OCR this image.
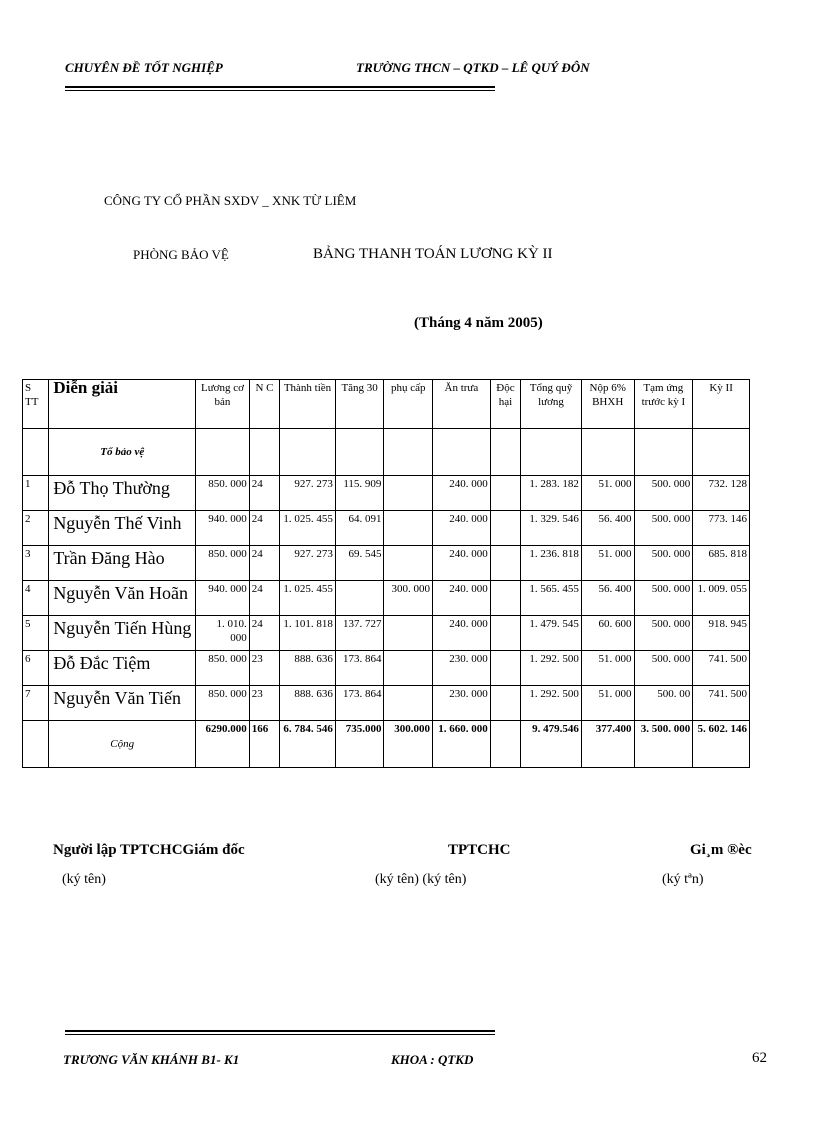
CHUYÊN ĐỀ TỐT NGHIỆP	TRƯỜNG THCN – QTKD – LÊ QUÝ ĐÔN
CÔNG TY CỔ PHẦN SXDV _ XNK TỪ LIÊM
PHÒNG BẢO VỆ	BẢNG THANH TOÁN LƯƠNG KỲ II
(Tháng 4 năm 2005)
S TT	Diễn giải	Lương cơ bản	N C	Thành tiền	Tăng 30	phụ cấp	Ăn trưa	Độc hại	Tổng quỹ lương	Nộp 6% BHXH	Tạm ứng trước kỳ I	Kỳ II
	Tổ bảo vệ											
1	Đỗ Thọ Thường	850. 000	24	927. 273	115. 909		240. 000		1. 283. 182	51. 000	500. 000	732. 128
2	Nguyễn Thế Vinh	940. 000	24	1. 025. 455	64. 091		240. 000		1. 329. 546	56. 400	500. 000	773. 146
3	Trần Đăng Hào	850. 000	24	927. 273	69. 545		240. 000		1. 236. 818	51. 000	500. 000	685. 818
4	Nguyễn Văn Hoãn	940. 000	24	1. 025. 455		300. 000	240. 000		1. 565. 455	56. 400	500. 000	1. 009. 055
5	Nguyễn Tiến Hùng	1. 010. 000	24	1. 101. 818	137. 727		240. 000		1. 479. 545	60. 600	500. 000	918. 945
6	Đỗ Đắc Tiệm	850. 000	23	888. 636	173. 864		230. 000		1. 292. 500	51. 000	500. 000	741. 500
7	Nguyễn Văn Tiến	850. 000	23	888. 636	173. 864		230. 000		1. 292. 500	51. 000	500. 00	741. 500
	Cộng	6290.000	166	6. 784. 546	735.000	300.000	1. 660. 000		9. 479.546	377.400	3. 500. 000	5. 602. 146
Người lập TPTCHCGiám đốc
(ký tên)
TPTCHC
(ký tên) (ký tên)
Gi¸m ®èc
(ký tªn)
TRƯƠNG VĂN KHÁNH B1- K1	KHOA : QTKD	62
